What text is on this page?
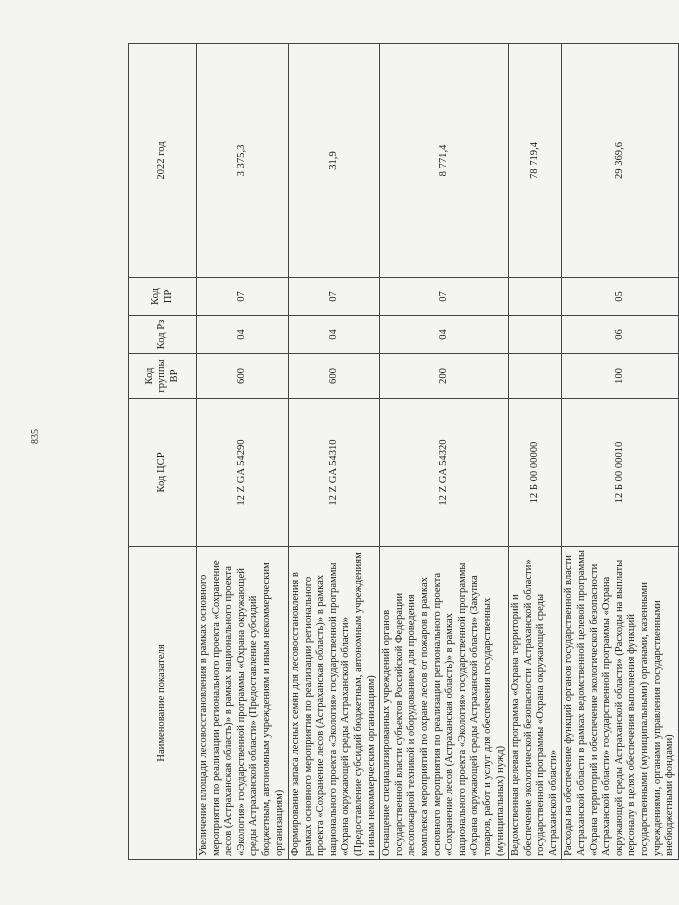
835
Наименование показателя	Код ЦСР	Код группы ВР	Код Рз	Код ПР	2022 год
Увеличение площади лесовосстановления в рамках основного мероприятия по реализации регионального проекта «Сохранение лесов (Астраханская область)» в рамках национального проекта «Экология» государственной программы «Охрана окружающей среды Астраханской области» (Предоставление субсидий бюджетным, автономным учреждениям и иным некоммерческим организациям)	12 Z GA 54290	600	04	07	3 375,3
Формирование запаса лесных семян для лесовосстановления в рамках основного мероприятия по реализации регионального проекта «Сохранение лесов (Астраханская область)» в рамках национального проекта «Экология» государственной программы «Охрана окружающей среды Астраханской области» (Предоставление субсидий бюджетным, автономным учреждениям и иным некоммерческим организациям)	12 Z GA 54310	600	04	07	31,9
Оснащение специализированных учреждений органов государственной власти субъектов Российской Федерации лесопожарной техникой и оборудованием для проведения комплекса мероприятий по охране лесов от пожаров в рамках основного мероприятия по реализации регионального проекта «Сохранение лесов (Астраханская область)» в рамках национального проекта «Экология» государственной программы «Охрана окружающей среды Астраханской области» (Закупка товаров, работ и услуг для обеспечения государственных (муниципальных) нужд)	12 Z GA 54320	200	04	07	8 771,4
Ведомственная целевая программа «Охрана территорий и обеспечение экологической безопасности Астраханской области» государственной программы «Охрана окружающей среды Астраханской области»	12 Б 00 00000				78 719,4
Расходы на обеспечение функций органов государственной власти Астраханской области в рамках ведомственной целевой программы «Охрана территорий и обеспечение экологической безопасности Астраханской области» государственной программы «Охрана окружающей среды Астраханской области» (Расходы на выплаты персоналу в целях обеспечения выполнения функций государственными (муниципальными) органами, казенными учреждениями, органами управления государственными внебюджетными фондами)	12 Б 00 00010	100	06	05	29 369,6
